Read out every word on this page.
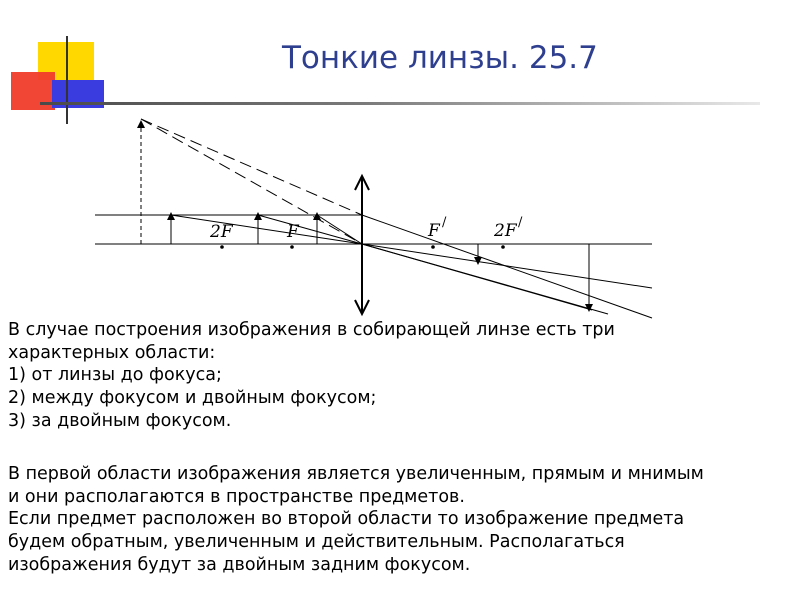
Тонкие линзы. 25.7
2F	F	F /	2F /
В случае построения изображения в собирающей линзе есть три
характерных области:
1) от линзы до фокуса;
2) между фокусом и двойным фокусом;
3) за двойным фокусом.
В первой области изображения является увеличенным, прямым и мнимым
и они располагаются в пространстве предметов.
Если предмет расположен во второй области то изображение предмета
будем обратным, увеличенным и действительным. Располагаться
изображения будут за двойным задним фокусом.
